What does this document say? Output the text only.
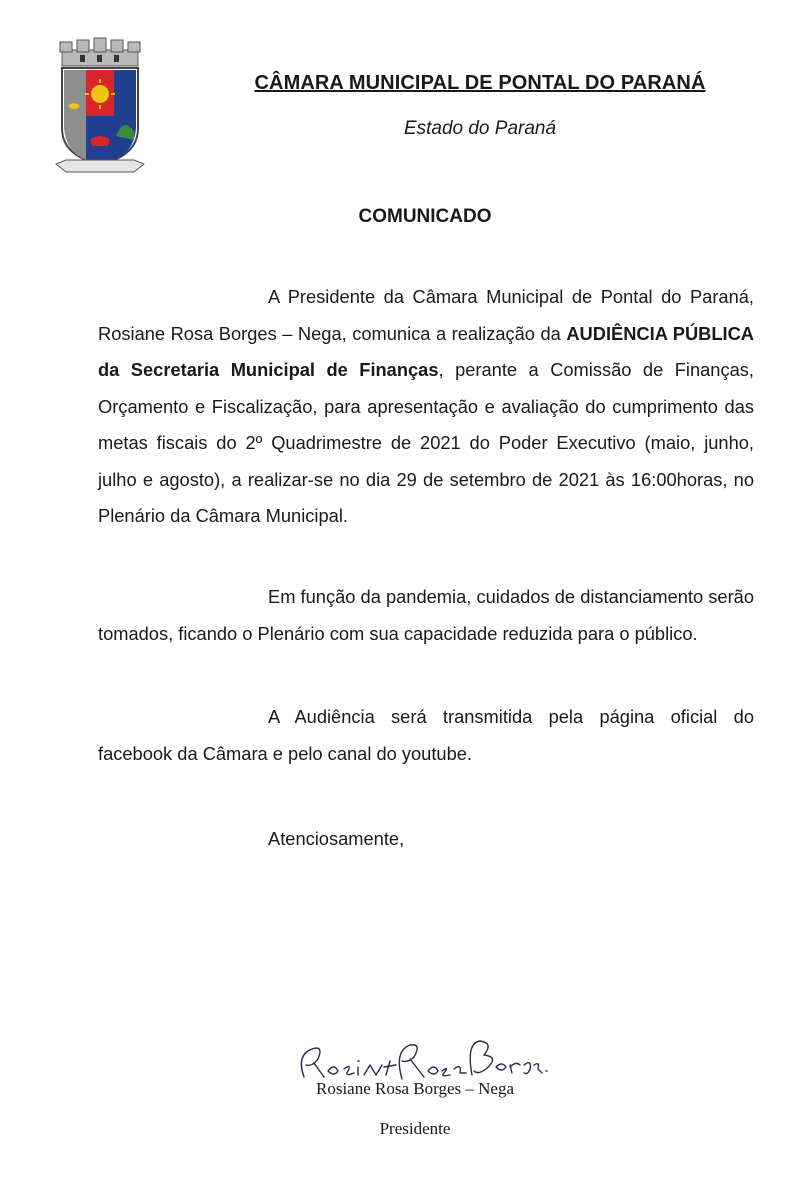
CÂMARA MUNICIPAL DE PONTAL DO PARANÁ
Estado do Paraná
COMUNICADO

A Presidente da Câmara Municipal de Pontal do Paraná, Rosiane Rosa Borges – Nega, comunica a realização da AUDIÊNCIA PÚBLICA da Secretaria Municipal de Finanças, perante a Comissão de Finanças, Orçamento e Fiscalização, para apresentação e avaliação do cumprimento das metas fiscais do 2º Quadrimestre de 2021 do Poder Executivo (maio, junho, julho e agosto), a realizar-se no dia 29 de setembro de 2021 às 16:00horas, no Plenário da Câmara Municipal.

Em função da pandemia, cuidados de distanciamento serão tomados, ficando o Plenário com sua capacidade reduzida para o público.

A Audiência será transmitida pela página oficial do facebook da Câmara e pelo canal do youtube.

Atenciosamente,
Rosiane Rosa Borges – Nega
Presidente
